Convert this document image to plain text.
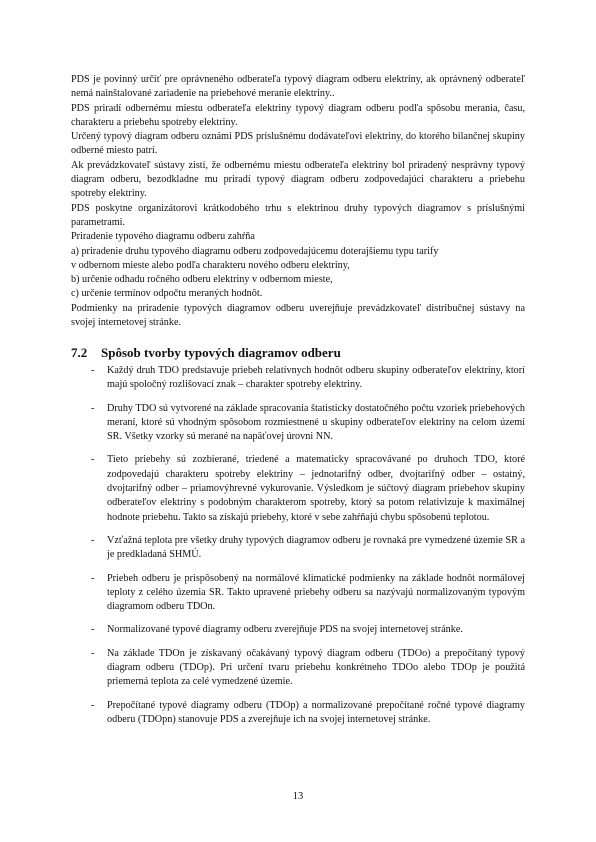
PDS je povinný určiť pre oprávneného odberateľa typový diagram odberu elektriny, ak oprávnený odberateľ nemá nainštalované zariadenie na priebehové meranie elektriny..

PDS priradí odbernému miestu odberateľa elektriny typový diagram odberu podľa spôsobu merania, času, charakteru a priebehu spotreby elektriny.

Určený typový diagram odberu oznámi PDS príslušnému dodávateľovi elektriny, do ktorého bilančnej skupiny odberné miesto patrí.

Ak prevádzkovateľ sústavy zistí, že odbernému miestu odberateľa elektriny bol priradený nesprávny typový diagram odberu, bezodkladne mu priradí typový diagram odberu zodpovedajúci charakteru a priebehu spotreby elektriny.

PDS poskytne organizátorovi krátkodobého trhu s elektrinou druhy typových diagramov s príslušnými parametrami.

Priradenie typového diagramu odberu zahŕňa
a) priradenie druhu typového diagramu odberu zodpovedajúcemu doterajšiemu typu tarify
v odbernom mieste alebo podľa charakteru nového odberu elektriny,
b) určenie odhadu ročného odberu elektriny v odbernom mieste,
c) určenie termínov odpočtu meraných hodnôt.

Podmienky na priradenie typových diagramov odberu uverejňuje prevádzkovateľ distribučnej sústavy na svojej internetovej stránke.

7.2 Spôsob tvorby typových diagramov odberu
- Každý druh TDO predstavuje priebeh relatívnych hodnôt odberu skupiny odberateľov elektriny, ktorí majú spoločný rozlišovací znak – charakter spotreby elektriny.
- Druhy TDO sú vytvorené na základe spracovania štatisticky dostatočného počtu vzoriek priebehových meraní, ktoré sú vhodným spôsobom rozmiestnené u skupiny odberateľov elektriny na celom území SR. Všetky vzorky sú merané na napäťovej úrovni NN.
- Tieto priebehy sú zozbierané, triedené a matematicky spracovávané po druhoch TDO, ktoré zodpovedajú charakteru spotreby elektriny – jednotarifný odber, dvojtarifný odber – ostatný, dvojtarifný odber – priamovýhrevné vykurovanie. Výsledkom je súčtový diagram priebehov skupiny odberateľov elektriny s podobným charakterom spotreby, ktorý sa potom relativizuje k maximálnej hodnote priebehu. Takto sa získajú priebehy, ktoré v sebe zahŕňajú chybu spôsobenú teplotou.
- Vzťažná teplota pre všetky druhy typových diagramov odberu je rovnaká pre vymedzené územie SR a je predkladaná SHMÚ.
- Priebeh odberu je prispôsobený na normálové klimatické podmienky na základe hodnôt normálovej teploty z celého územia SR. Takto upravené priebehy odberu sa nazývajú normalizovaným typovým diagramom odberu TDOn.
- Normalizované typové diagramy odberu zverejňuje PDS na svojej internetovej stránke.
- Na základe TDOn je získavaný očakávaný typový diagram odberu (TDOo) a prepočítaný typový diagram odberu (TDOp). Pri určení tvaru priebehu konkrétneho TDOo alebo TDOp je použitá priemerná teplota za celé vymedzené územie.
- Prepočítané typové diagramy odberu (TDOp) a normalizované prepočítané ročné typové diagramy odberu (TDOpn) stanovuje PDS a zverejňuje ich na svojej internetovej stránke.
13
